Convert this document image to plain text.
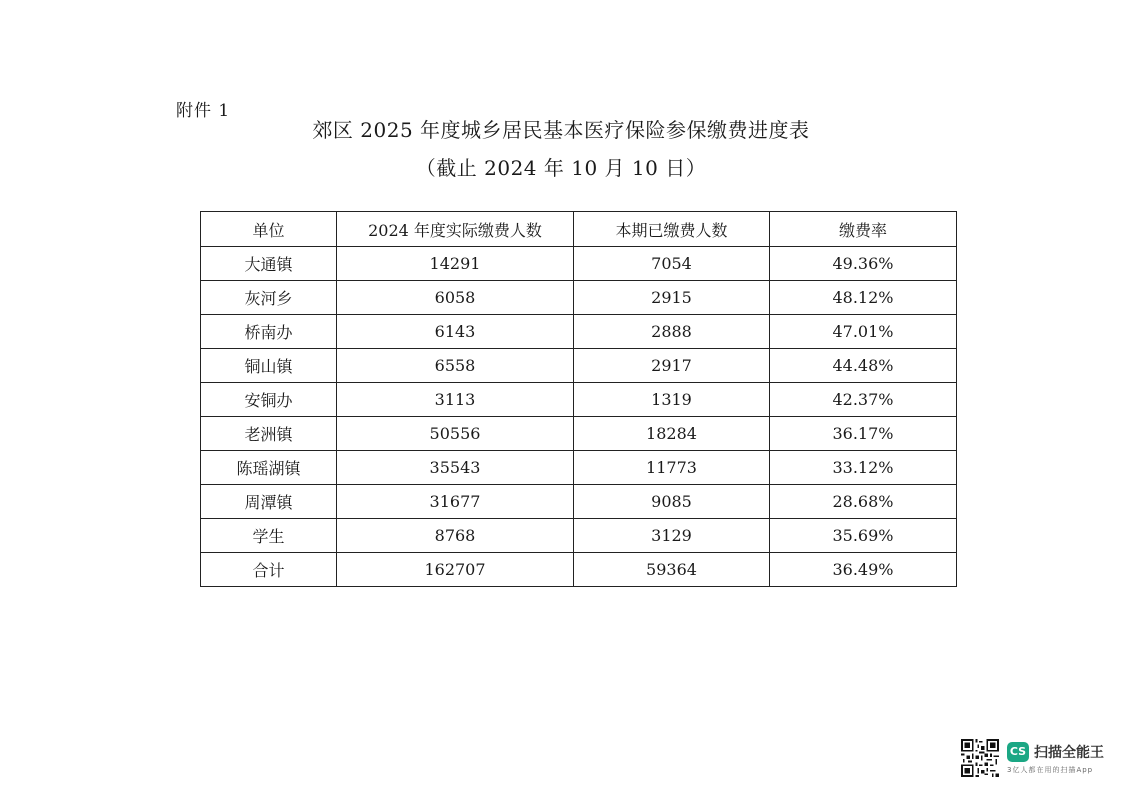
附件 1
郊区 2025 年度城乡居民基本医疗保险参保缴费进度表
（截止 2024 年 10 月 10 日）
单位	2024 年度实际缴费人数	本期已缴费人数	缴费率
大通镇	14291	7054	49.36%
灰河乡	6058	2915	48.12%
桥南办	6143	2888	47.01%
铜山镇	6558	2917	44.48%
安铜办	3113	1319	42.37%
老洲镇	50556	18284	36.17%
陈瑶湖镇	35543	11773	33.12%
周潭镇	31677	9085	28.68%
学生	8768	3129	35.69%
合计	162707	59364	36.49%
CS 扫描全能王
3亿人都在用的扫描App
